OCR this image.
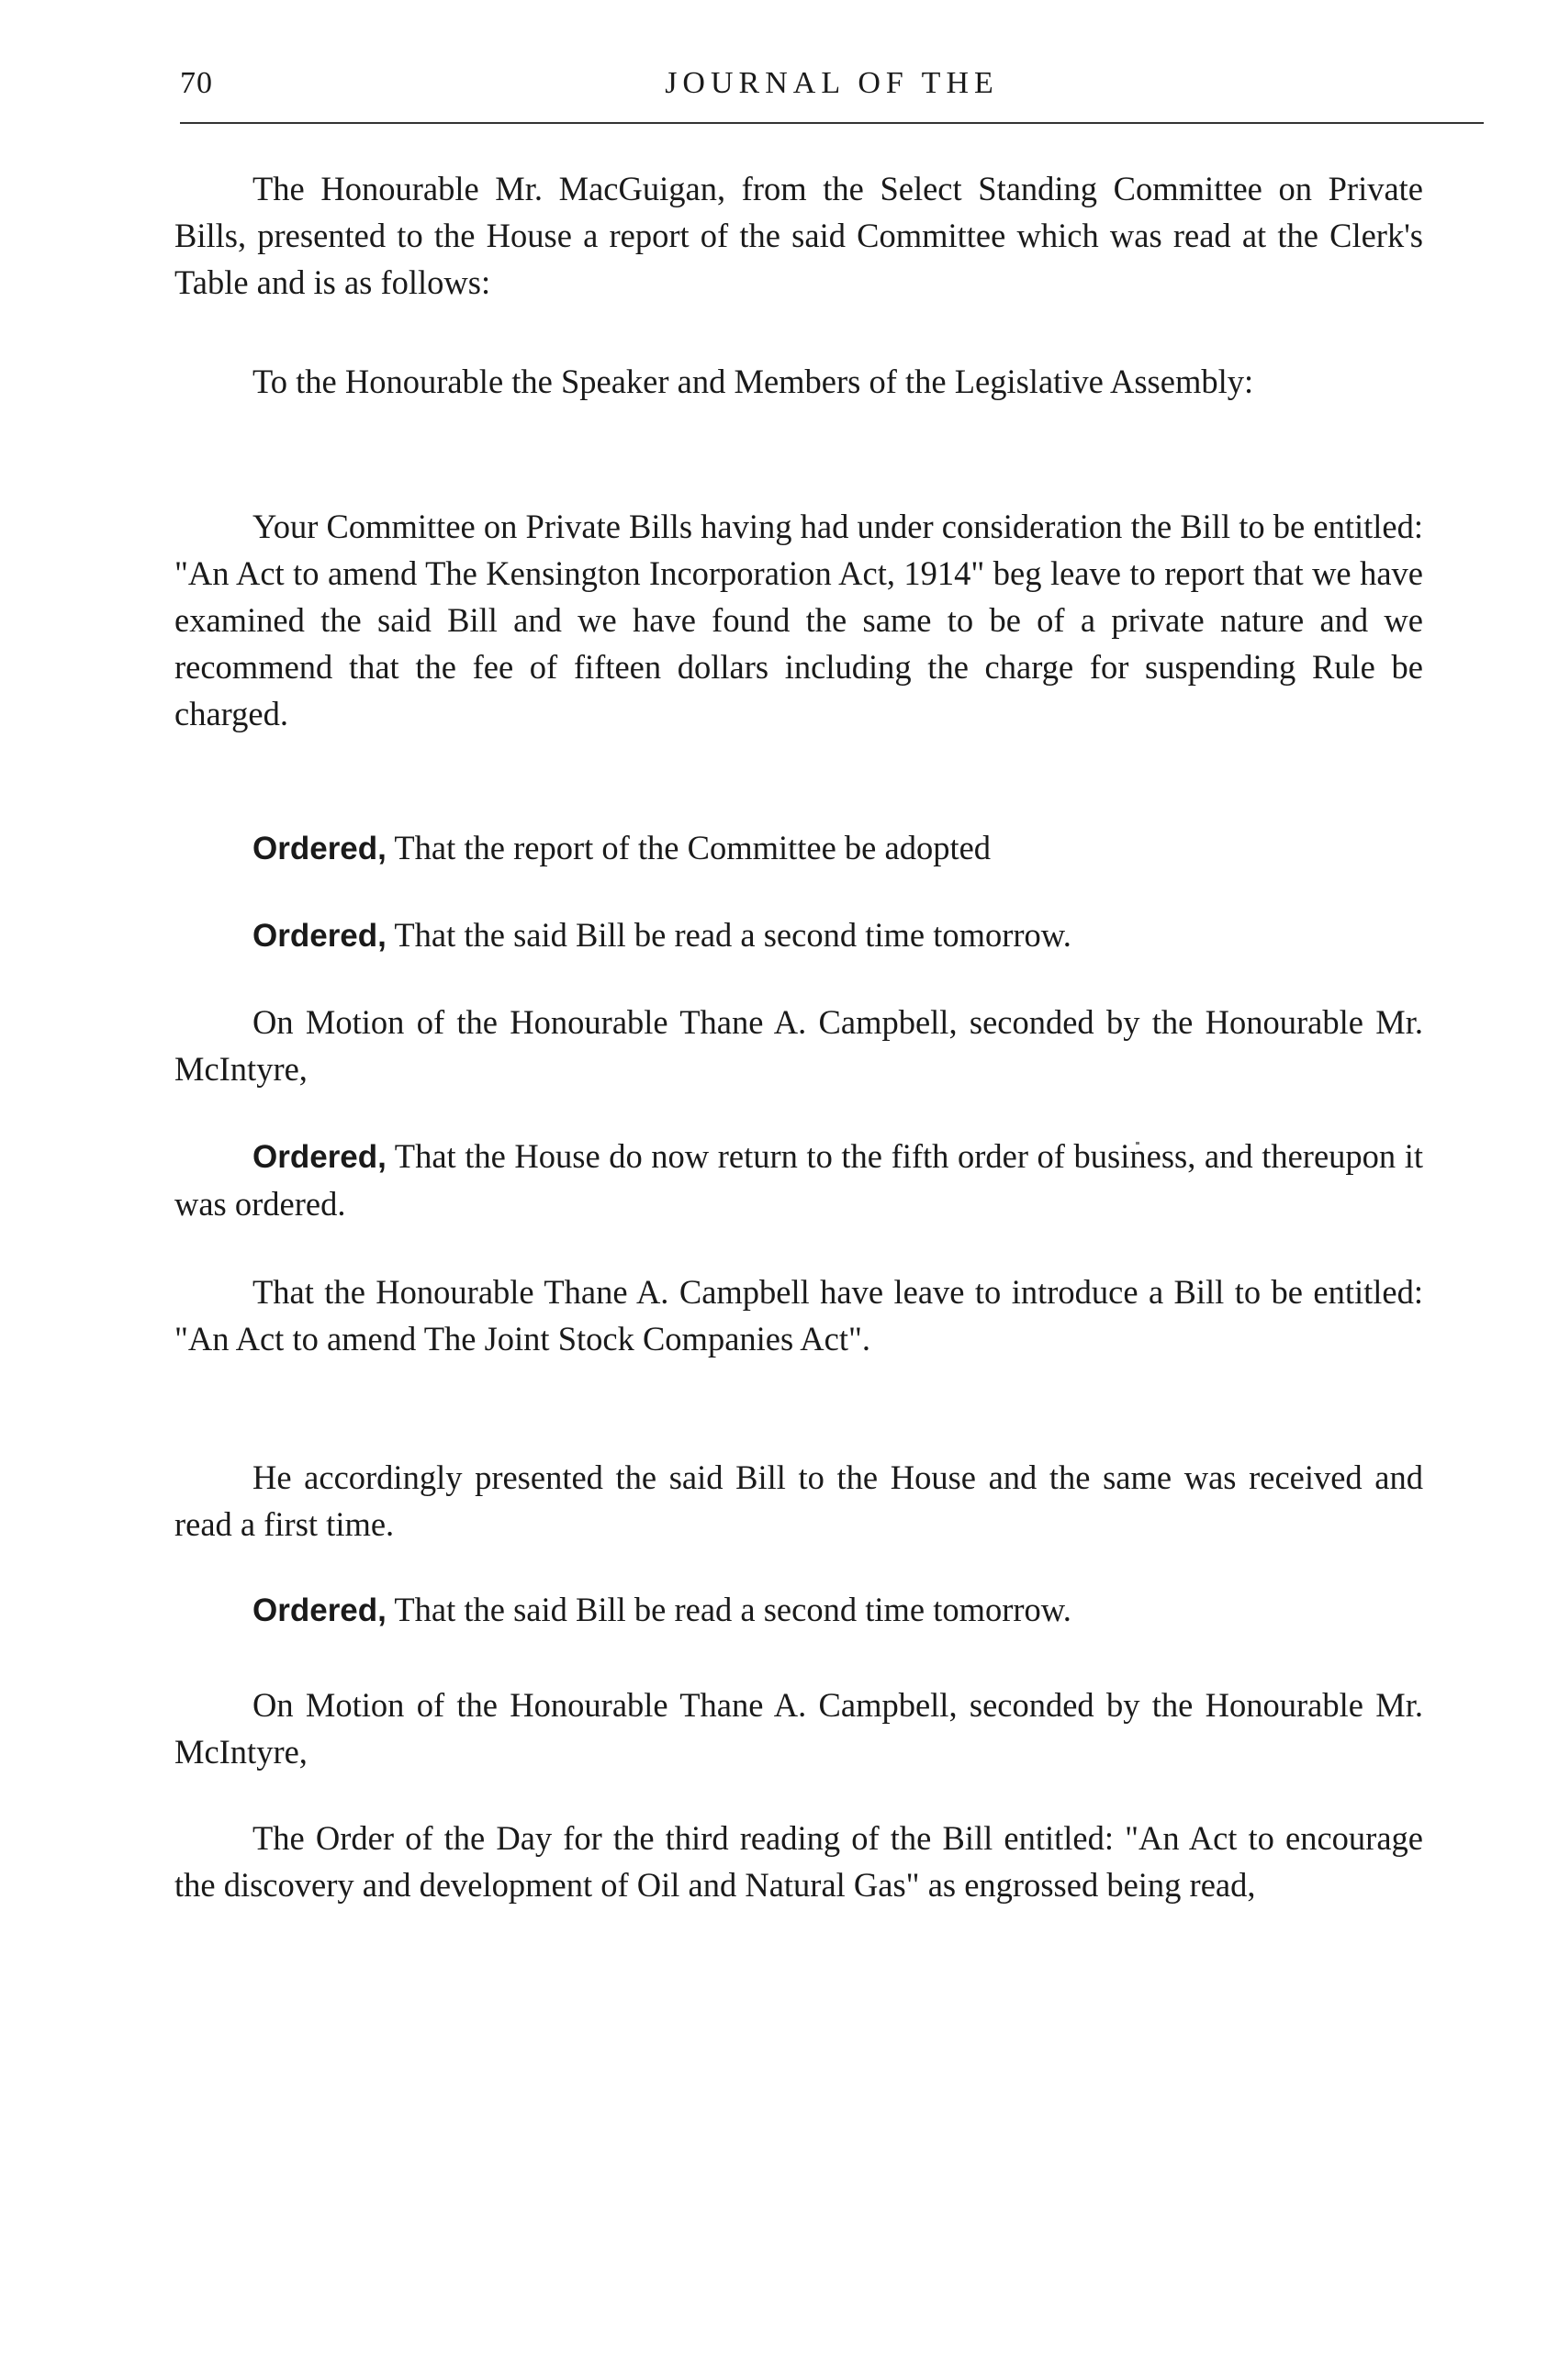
70	JOURNAL OF THE

The Honourable Mr. MacGuigan, from the Select Standing Committee on Private Bills, presented to the House a report of the said Committee which was read at the Clerk's Table and is as follows:

To the Honourable the Speaker and Members of the Legislative Assembly:

Your Committee on Private Bills having had under consideration the Bill to be entitled: "An Act to amend The Kensington Incorporation Act, 1914" beg leave to report that we have examined the said Bill and we have found the same to be of a private nature and we recommend that the fee of fifteen dollars including the charge for suspending Rule be charged.

Ordered, That the report of the Committee be adopted

Ordered, That the said Bill be read a second time tomorrow.

On Motion of the Honourable Thane A. Campbell, seconded by the Honourable Mr. McIntyre,

Ordered, That the House do now return to the fifth order of business, and thereupon it was ordered.

That the Honourable Thane A. Campbell have leave to introduce a Bill to be entitled: "An Act to amend The Joint Stock Companies Act".

He accordingly presented the said Bill to the House and the same was received and read a first time.

Ordered, That the said Bill be read a second time tomorrow.

On Motion of the Honourable Thane A. Campbell, seconded by the Honourable Mr. McIntyre,

The Order of the Day for the third reading of the Bill entitled: "An Act to encourage the discovery and development of Oil and Natural Gas" as engrossed being read,
